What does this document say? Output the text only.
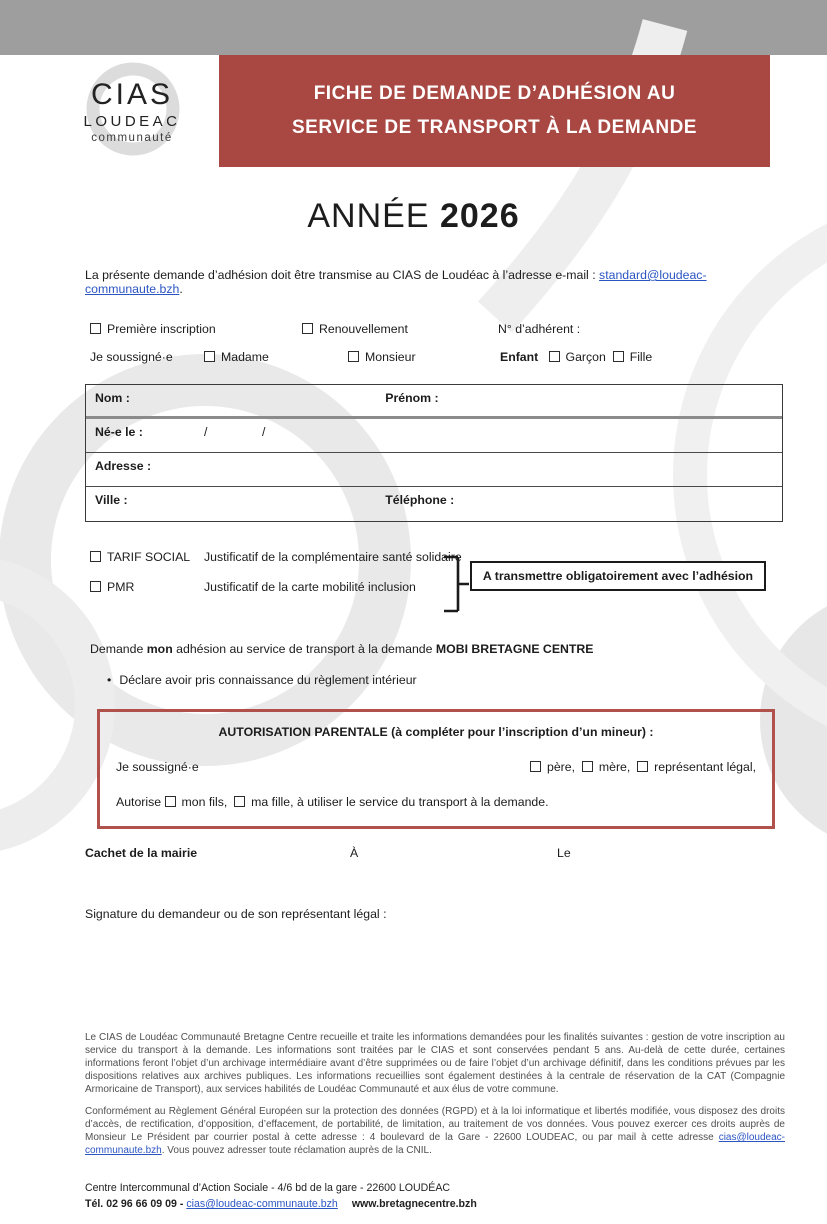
CIAS
LOUDEAC
communauté
FICHE DE DEMANDE D’ADHÉSION AU
SERVICE DE TRANSPORT À LA DEMANDE
ANNÉE 2026
La présente demande d’adhésion doit être transmise au CIAS de Loudéac à l’adresse e-mail : standard@loudeac-communaute.bzh.
Première inscription	Renouvellement	N° d’adhérent :
Je soussigné·e	Madame	Monsieur	Enfant Garçon Fille
Nom :	Prénom :
Né-e le :	/	/
Adresse :
Ville :	Téléphone :
TARIF SOCIAL	Justificatif de la complémentaire santé solidaire
PMR	Justificatif de la carte mobilité inclusion
A transmettre obligatoirement avec l’adhésion
Demande mon adhésion au service de transport à la demande MOBI BRETAGNE CENTRE
• Déclare avoir pris connaissance du règlement intérieur
AUTORISATION PARENTALE (à compléter pour l’inscription d’un mineur) :
Je soussigné·e	père, mère, représentant légal,
Autorise mon fils, ma fille, à utiliser le service du transport à la demande.
Cachet de la mairie	À	Le
Signature du demandeur ou de son représentant légal :

Le CIAS de Loudéac Communauté Bretagne Centre recueille et traite les informations demandées pour les finalités suivantes : gestion de votre inscription au service du transport à la demande. Les informations sont traitées par le CIAS et sont conservées pendant 5 ans. Au-delà de cette durée, certaines informations feront l’objet d’un archivage intermédiaire avant d’être supprimées ou de faire l’objet d’un archivage définitif, dans les conditions prévues par les dispositions relatives aux archives publiques. Les informations recueillies sont également destinées à la centrale de réservation de la CAT (Compagnie Armoricaine de Transport), aux services habilités de Loudéac Communauté et aux élus de votre commune.

Conformément au Règlement Général Européen sur la protection des données (RGPD) et à la loi informatique et libertés modifiée, vous disposez des droits d’accès, de rectification, d’opposition, d’effacement, de portabilité, de limitation, au traitement de vos données. Vous pouvez exercer ces droits auprès de Monsieur Le Président par courrier postal à cette adresse : 4 boulevard de la Gare - 22600 LOUDEAC, ou par mail à cette adresse cias@loudeac-communaute.bzh. Vous pouvez adresser toute réclamation auprès de la CNIL.

Centre Intercommunal d’Action Sociale - 4/6 bd de la gare - 22600 LOUDÉAC
Tél. 02 96 66 09 09 - cias@loudeac-communaute.bzh www.bretagnecentre.bzh
